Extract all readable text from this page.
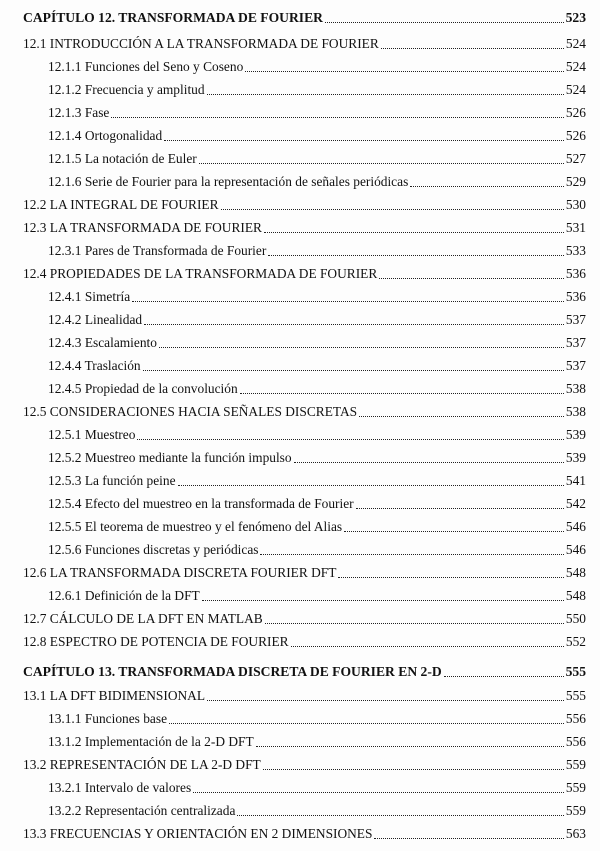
CAPÍTULO 12. TRANSFORMADA DE FOURIER	523
12.1 INTRODUCCIÓN A LA TRANSFORMADA DE FOURIER	524
12.1.1 Funciones del Seno y Coseno	524
12.1.2 Frecuencia y amplitud	524
12.1.3 Fase	526
12.1.4 Ortogonalidad	526
12.1.5 La notación de Euler	527
12.1.6 Serie de Fourier para la representación de señales periódicas	529
12.2 LA INTEGRAL DE FOURIER	530
12.3 LA TRANSFORMADA DE FOURIER	531
12.3.1 Pares de Transformada de Fourier	533
12.4 PROPIEDADES DE LA TRANSFORMADA DE FOURIER	536
12.4.1 Simetría	536
12.4.2 Linealidad	537
12.4.3 Escalamiento	537
12.4.4 Traslación	537
12.4.5 Propiedad de la convolución	538
12.5 CONSIDERACIONES HACIA SEÑALES DISCRETAS	538
12.5.1 Muestreo	539
12.5.2 Muestreo mediante la función impulso	539
12.5.3 La función peine	541
12.5.4 Efecto del muestreo en la transformada de Fourier	542
12.5.5 El teorema de muestreo y el fenómeno del Alias	546
12.5.6 Funciones discretas y periódicas	546
12.6 LA TRANSFORMADA DISCRETA FOURIER DFT	548
12.6.1 Definición de la DFT	548
12.7 CÁLCULO DE LA DFT EN MATLAB	550
12.8 ESPECTRO DE POTENCIA DE FOURIER	552
CAPÍTULO 13. TRANSFORMADA DISCRETA DE FOURIER EN 2-D	555
13.1 LA DFT BIDIMENSIONAL	555
13.1.1 Funciones base	556
13.1.2 Implementación de la 2-D DFT	556
13.2 REPRESENTACIÓN DE LA 2-D DFT	559
13.2.1 Intervalo de valores	559
13.2.2 Representación centralizada	559
13.3 FRECUENCIAS Y ORIENTACIÓN EN 2 DIMENSIONES	563
